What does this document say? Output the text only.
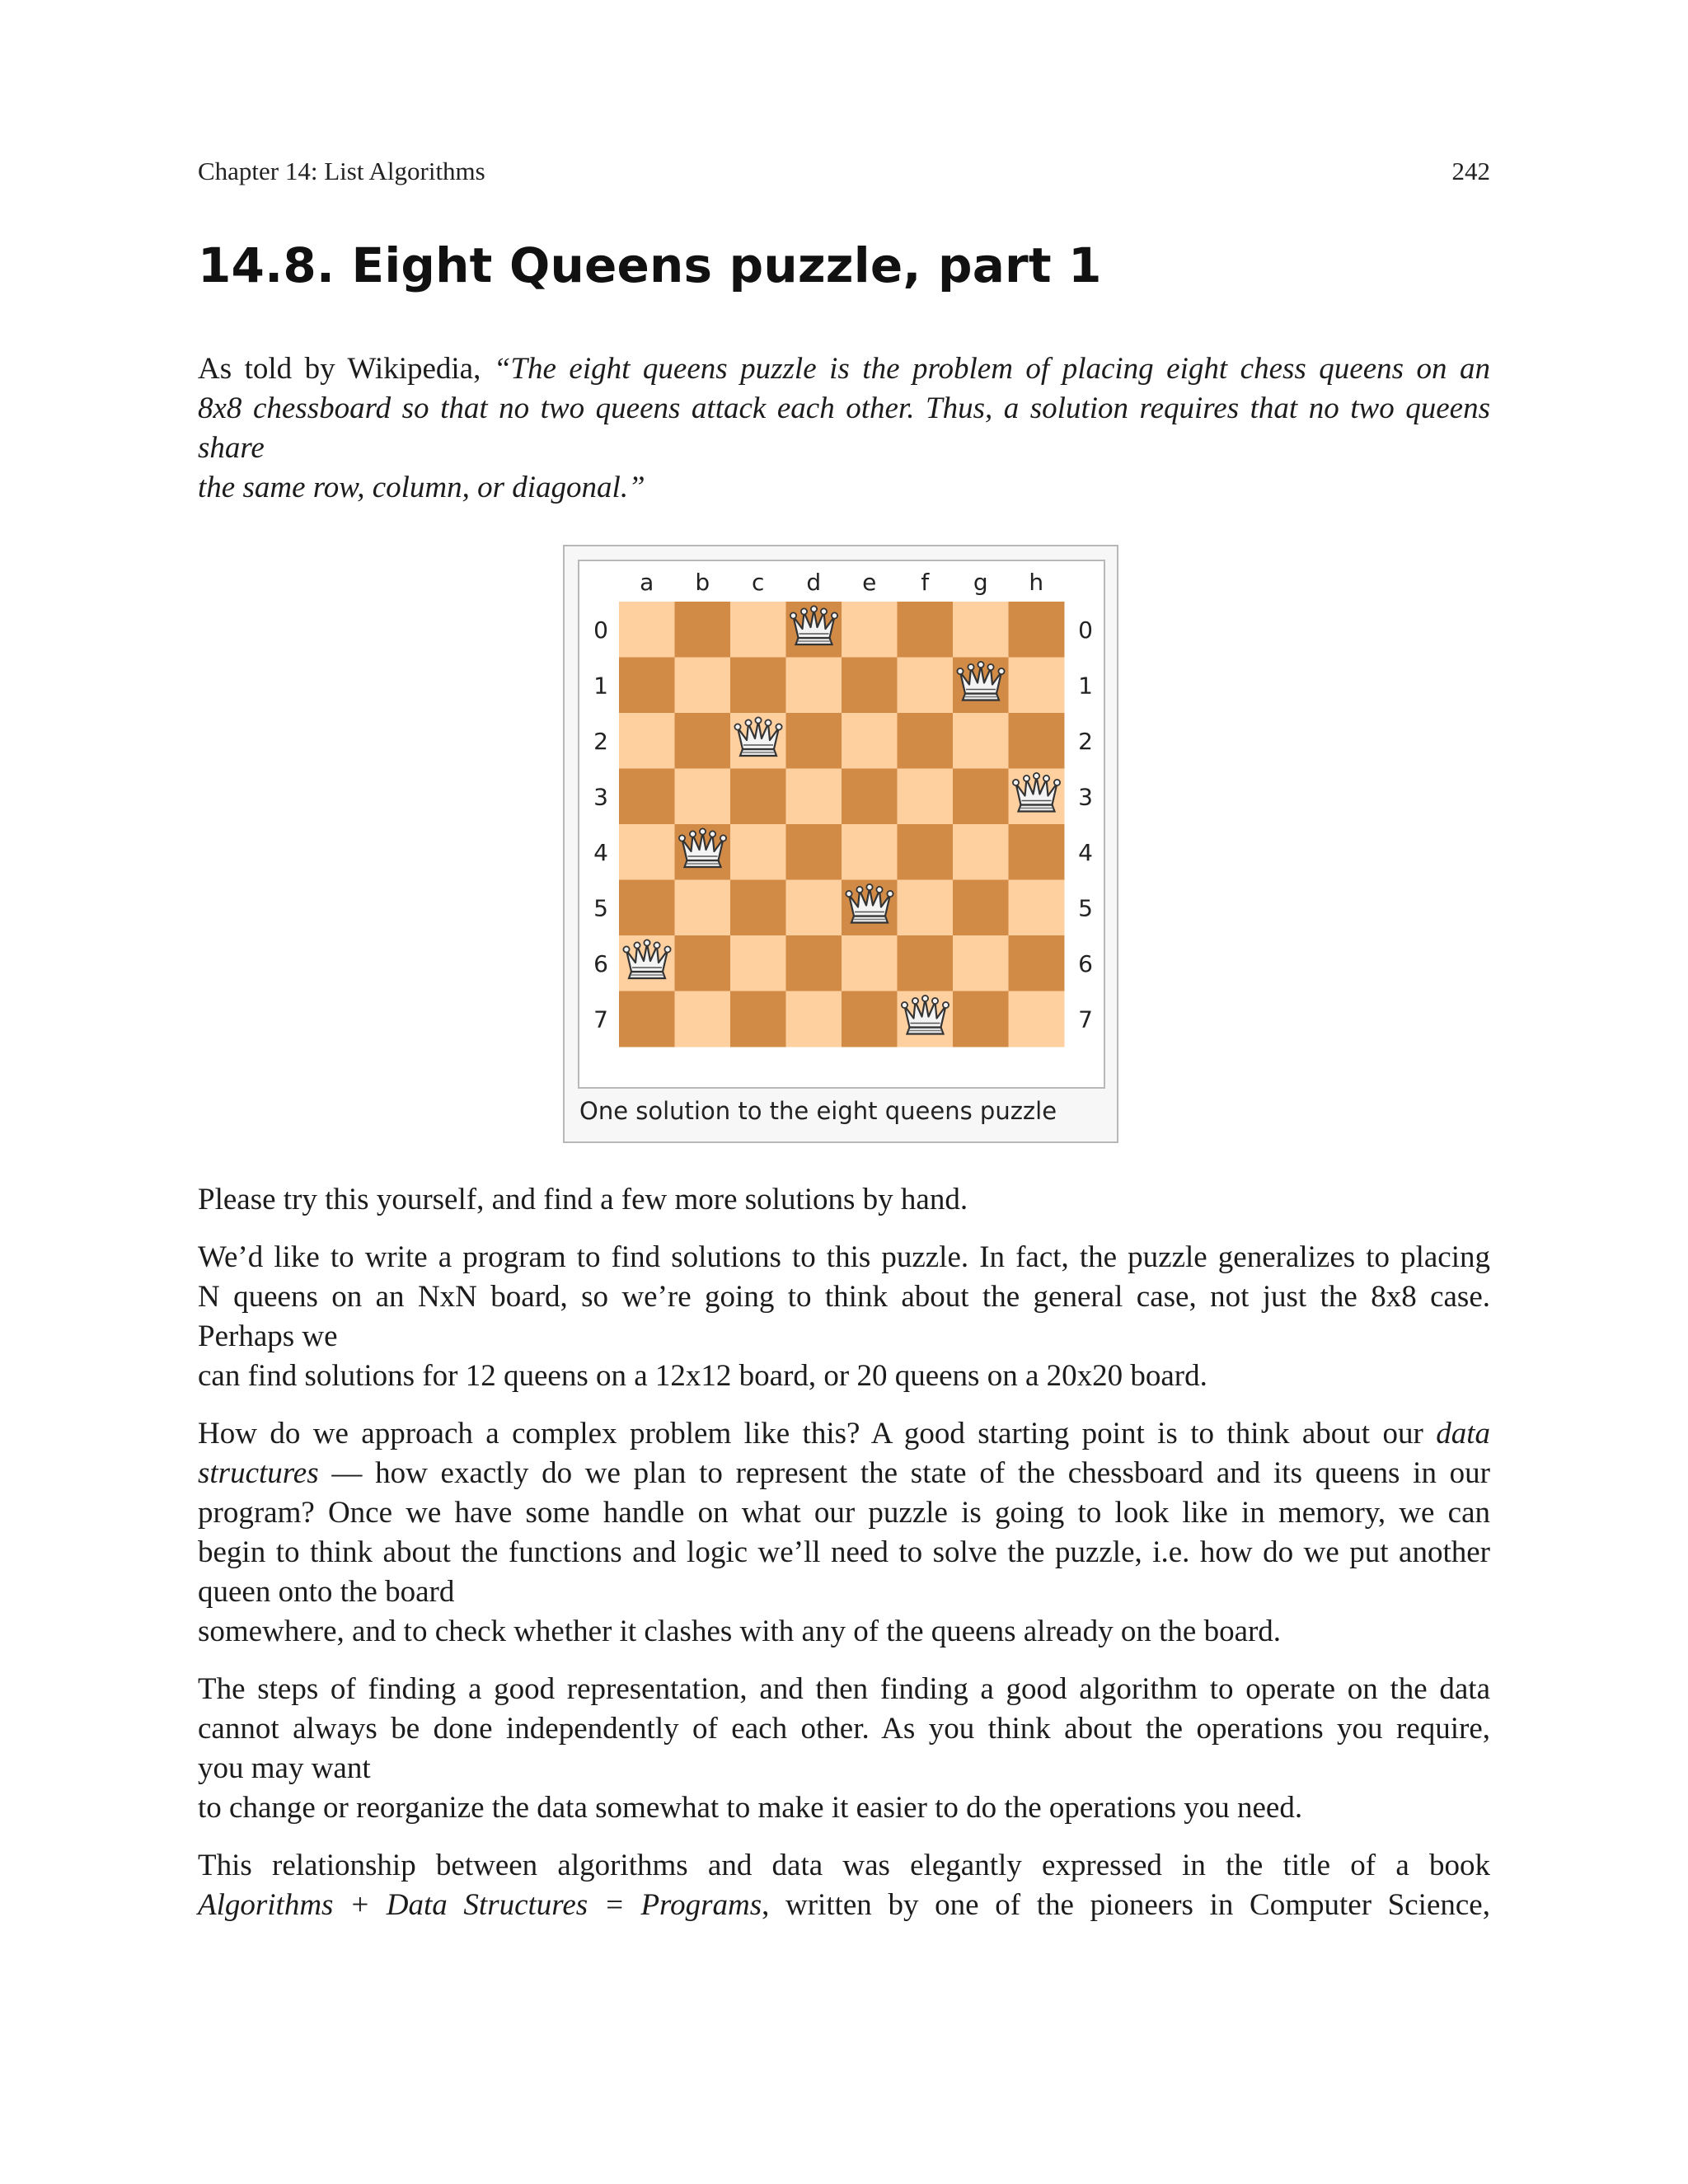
Chapter 14: List Algorithms	242
14.8. Eight Queens puzzle, part 1
As told by Wikipedia, “The eight queens puzzle is the problem of placing eight chess queens on an
8x8 chessboard so that no two queens attack each other. Thus, a solution requires that no two queens
share
the same row, column, or diagonal.”
a b c d e f g h
0	0
1	1
2	2
3	3
4	4
5	5
6	6
7	7
One solution to the eight queens puzzle
Please try this yourself, and find a few more solutions by hand.
We’d like to write a program to find solutions to this puzzle. In fact, the puzzle generalizes to placing
N queens on an NxN board, so we’re going to think about the general case, not just the 8x8 case.
Perhaps we
can find solutions for 12 queens on a 12x12 board, or 20 queens on a 20x20 board.
How do we approach a complex problem like this? A good starting point is to think about our data
structures — how exactly do we plan to represent the state of the chessboard and its queens in our
program? Once we have some handle on what our puzzle is going to look like in memory, we can
begin to think about the functions and logic we’ll need to solve the puzzle, i.e. how do we put another
queen onto the board
somewhere, and to check whether it clashes with any of the queens already on the board.
The steps of finding a good representation, and then finding a good algorithm to operate on the data
cannot always be done independently of each other. As you think about the operations you require,
you may want
to change or reorganize the data somewhat to make it easier to do the operations you need.
This relationship between algorithms and data was elegantly expressed in the title of a book
Algorithms + Data Structures = Programs, written by one of the pioneers in Computer Science,
